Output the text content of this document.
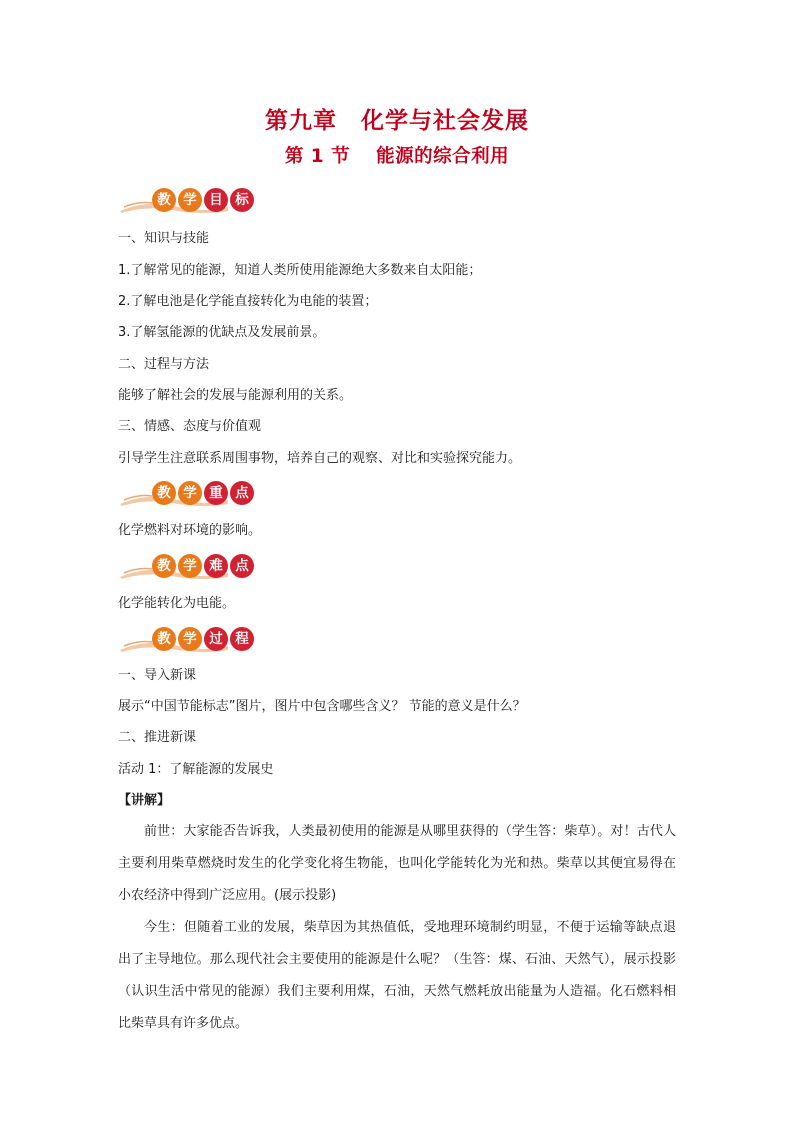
第九章　化学与社会发展
第 1 节 能源的综合利用
教 学 目 标
一、知识与技能
1.了解常见的能源，知道人类所使用能源绝大多数来自太阳能；
2.了解电池是化学能直接转化为电能的装置；
3.了解氢能源的优缺点及发展前景。
二、过程与方法
能够了解社会的发展与能源利用的关系。
三、情感、态度与价值观
引导学生注意联系周围事物，培养自己的观察、对比和实验探究能力。
教 学 重 点
化学燃料对环境的影响。
教 学 难 点
化学能转化为电能。
教 学 过 程
一、导入新课
展示“中国节能标志”图片，图片中包含哪些含义？ 节能的意义是什么？
二、推进新课
活动 1：了解能源的发展史
【讲解】

前世：大家能否告诉我，人类最初使用的能源是从哪里获得的（学生答：柴草）。对！古代人主要利用柴草燃烧时发生的化学变化将生物能，也叫化学能转化为光和热。柴草以其便宜易得在小农经济中得到广泛应用。(展示投影)

今生：但随着工业的发展，柴草因为其热值低，受地理环境制约明显，不便于运输等缺点退出了主导地位。那么现代社会主要使用的能源是什么呢？（生答：煤、石油、天然气），展示投影（认识生活中常见的能源）我们主要利用煤，石油，天然气燃耗放出能量为人造福。化石燃料相比柴草具有许多优点。
